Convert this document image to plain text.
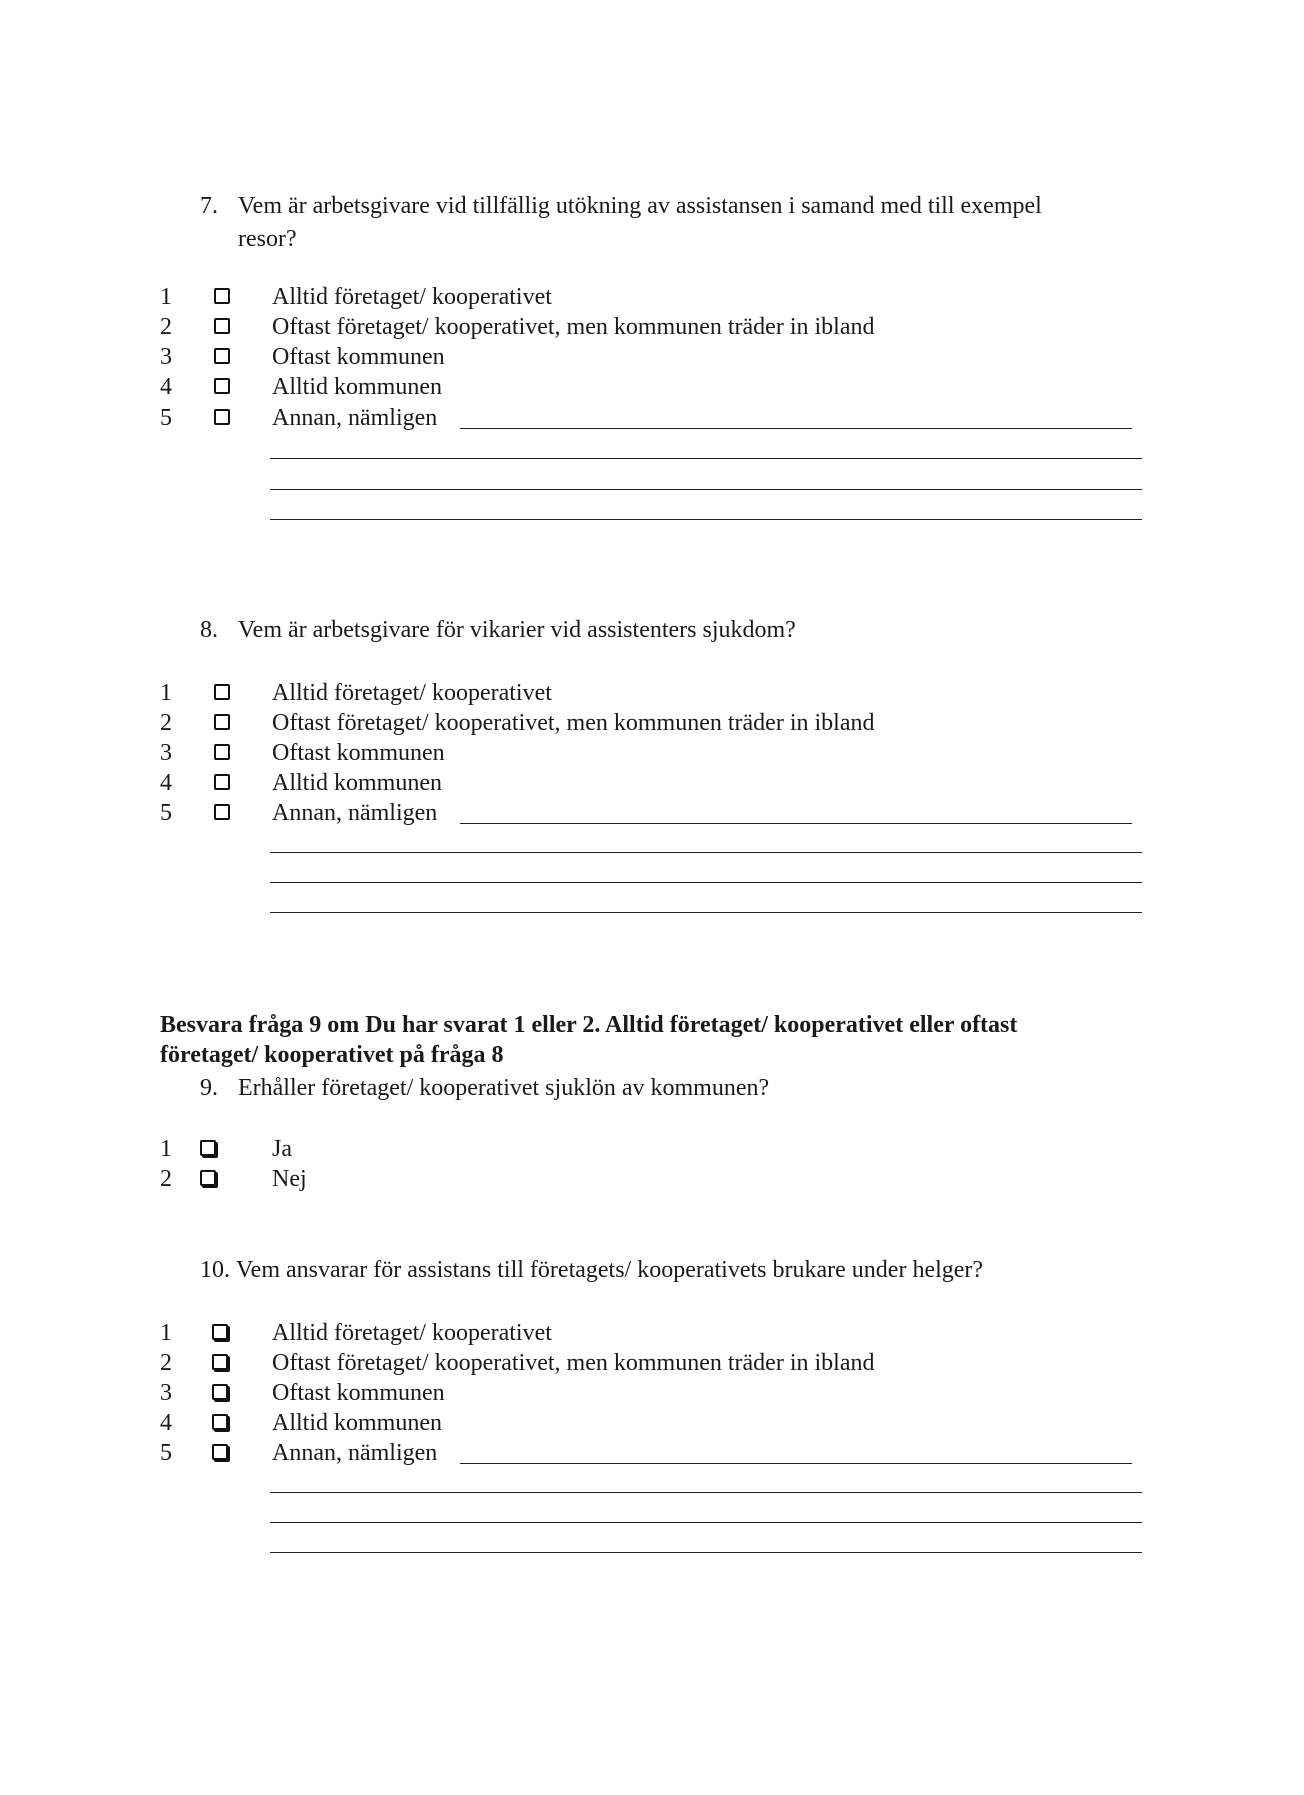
7. Vem är arbetsgivare vid tillfällig utökning av assistansen i samand med till exempel
resor?
1	Alltid företaget/ kooperativet
2	Oftast företaget/ kooperativet, men kommunen träder in ibland
3	Oftast kommunen
4	Alltid kommunen
5	Annan, nämligen
8. Vem är arbetsgivare för vikarier vid assistenters sjukdom?
1	Alltid företaget/ kooperativet
2	Oftast företaget/ kooperativet, men kommunen träder in ibland
3	Oftast kommunen
4	Alltid kommunen
5	Annan, nämligen
Besvara fråga 9 om Du har svarat 1 eller 2. Alltid företaget/ kooperativet eller oftast
företaget/ kooperativet på fråga 8
9. Erhåller företaget/ kooperativet sjuklön av kommunen?
1	Ja
2	Nej
10. Vem ansvarar för assistans till företagets/ kooperativets brukare under helger?
1	Alltid företaget/ kooperativet
2	Oftast företaget/ kooperativet, men kommunen träder in ibland
3	Oftast kommunen
4	Alltid kommunen
5	Annan, nämligen
